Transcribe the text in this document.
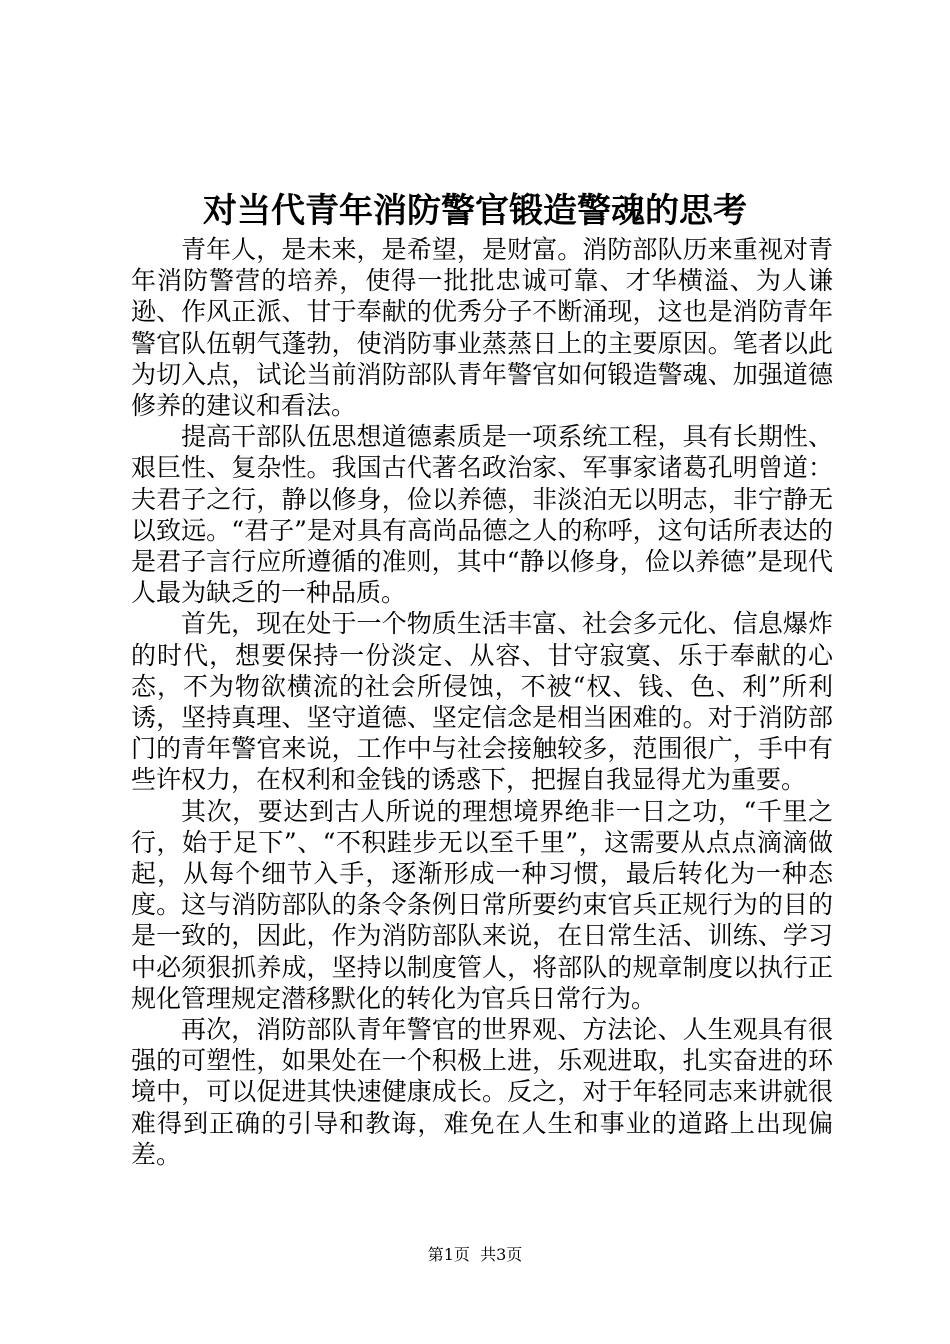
对当代青年消防警官锻造警魂的思考

青年人，是未来，是希望，是财富。消防部队历来重视对青年消防警营的培养，使得一批批忠诚可靠、才华横溢、为人谦逊、作风正派、甘于奉献的优秀分子不断涌现，这也是消防青年警官队伍朝气蓬勃，使消防事业蒸蒸日上的主要原因。笔者以此为切入点，试论当前消防部队青年警官如何锻造警魂、加强道德修养的建议和看法。

提高干部队伍思想道德素质是一项系统工程，具有长期性、艰巨性、复杂性。我国古代著名政治家、军事家诸葛孔明曾道：夫君子之行，静以修身，俭以养德，非淡泊无以明志，非宁静无以致远。“君子”是对具有高尚品德之人的称呼，这句话所表达的是君子言行应所遵循的准则，其中“静以修身，俭以养德”是现代人最为缺乏的一种品质。

首先，现在处于一个物质生活丰富、社会多元化、信息爆炸的时代，想要保持一份淡定、从容、甘守寂寞、乐于奉献的心态，不为物欲横流的社会所侵蚀，不被“权、钱、色、利”所利诱，坚持真理、坚守道德、坚定信念是相当困难的。对于消防部门的青年警官来说，工作中与社会接触较多，范围很广，手中有些许权力，在权利和金钱的诱惑下，把握自我显得尤为重要。

其次，要达到古人所说的理想境界绝非一日之功，“千里之行，始于足下”、“不积跬步无以至千里”，这需要从点点滴滴做起，从每个细节入手，逐渐形成一种习惯，最后转化为一种态度。这与消防部队的条令条例日常所要约束官兵正规行为的目的是一致的，因此，作为消防部队来说，在日常生活、训练、学习中必须狠抓养成，坚持以制度管人，将部队的规章制度以执行正规化管理规定潜移默化的转化为官兵日常行为。

再次，消防部队青年警官的世界观、方法论、人生观具有很强的可塑性，如果处在一个积极上进，乐观进取，扎实奋进的环境中，可以促进其快速健康成长。反之，对于年轻同志来讲就很难得到正确的引导和教诲，难免在人生和事业的道路上出现偏差。

第1页  共3页
